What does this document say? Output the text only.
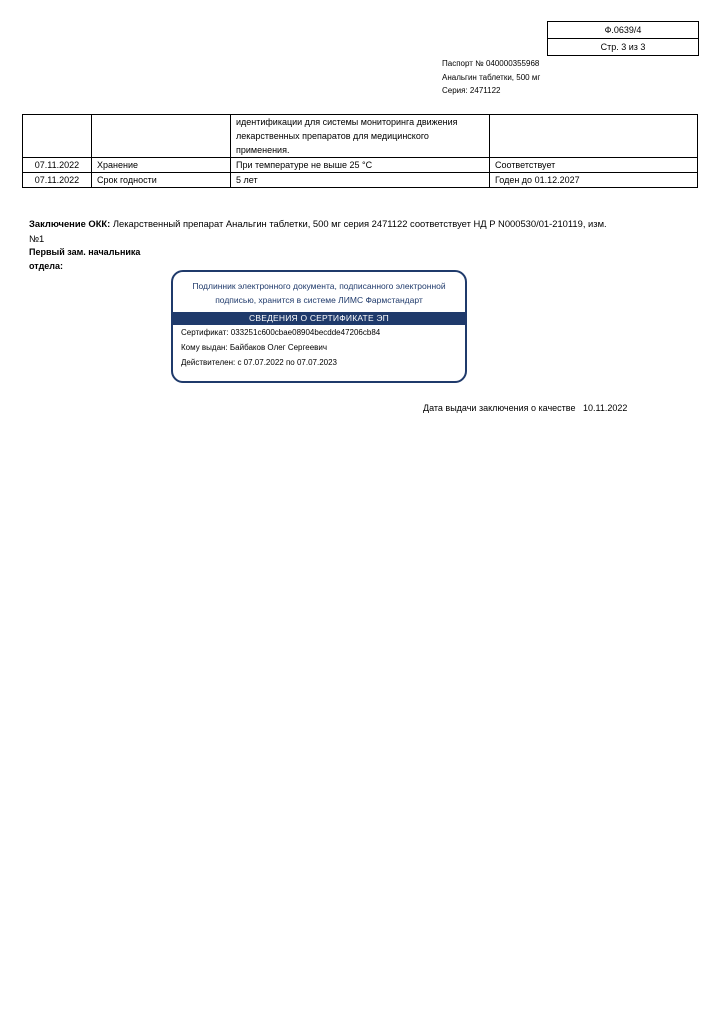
Ф.0639/4
Стр. 3 из 3
Паспорт № 040000355968
Анальгин таблетки, 500 мг
Серия: 2471122
		идентификации для системы мониторинга движения лекарственных препаратов для медицинского применения.	
07.11.2022	Хранение	При температуре не выше 25 °С	Соответствует
07.11.2022	Срок годности	5 лет	Годен до 01.12.2027
Заключение ОКК: Лекарственный препарат Анальгин таблетки, 500 мг серия 2471122 соответствует НД Р N000530/01-210119, изм.№1
Первый зам. начальника отдела:
Подлинник электронного документа, подписанного электронной подписью, хранится в системе ЛИМС Фармстандарт
СВЕДЕНИЯ О СЕРТИФИКАТЕ ЭП
Сертификат: 033251c600cbae08904becdde47206cb84
Кому выдан: Байбаков Олег Сергеевич
Действителен: с 07.07.2022 по 07.07.2023
Дата выдачи заключения о качестве 10.11.2022
